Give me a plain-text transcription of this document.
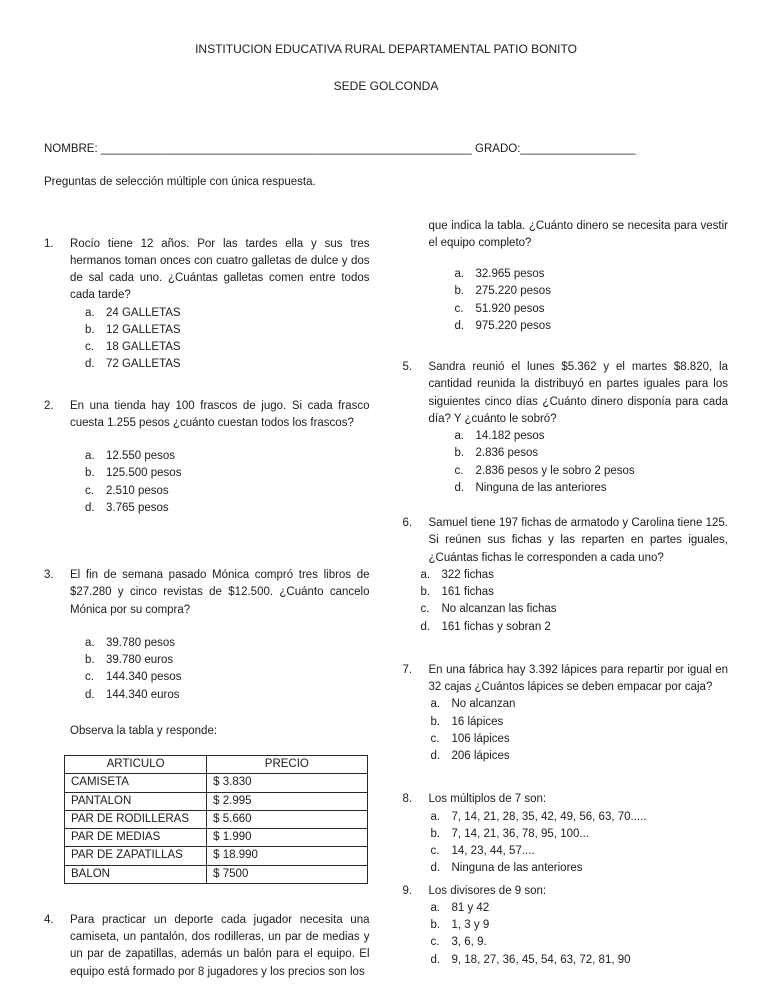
INSTITUCION EDUCATIVA RURAL DEPARTAMENTAL PATIO BONITO
SEDE GOLCONDA
NOMBRE: __________________________________________________________ GRADO:__________________
Preguntas de selección múltiple con única respuesta.
1.	Rocío tiene 12 años. Por las tardes ella y sus tres hermanos toman onces con cuatro galletas de dulce y dos de sal cada uno. ¿Cuántas galletas comen entre todos cada tarde?
a. 24 GALLETAS
b. 12 GALLETAS
c.	18 GALLETAS
d. 72 GALLETAS
2.	En una tienda hay 100 frascos de jugo. Si cada frasco cuesta 1.255 pesos ¿cuánto cuestan todos los frascos?
a. 12.550 pesos
b. 125.500 pesos
c.	2.510 pesos
d. 3.765 pesos
3.	El fin de semana pasado Mónica compró tres libros de $27.280 y cinco revistas de $12.500. ¿Cuánto cancelo Mónica por su compra?
a. 39.780 pesos
b. 39.780 euros
c.	144.340 pesos
d. 144.340 euros
Observa la tabla y responde:
ARTICULO	PRECIO
CAMISETA	$ 3.830
PANTALON	$ 2.995
PAR DE RODILLERAS	$ 5.660
PAR DE MEDIAS	$ 1.990
PAR DE ZAPATILLAS	$ 18.990
BALON	$ 7500
4.	Para practicar un deporte cada jugador necesita una camiseta, un pantalón, dos rodilleras, un par de medias y un par de zapatillas, además un balón para el equipo. El equipo está formado por 8 jugadores y los precios son los
que indica la tabla. ¿Cuánto dinero se necesita para vestir el equipo completo?
a. 32.965 pesos
b. 275.220 pesos
c.	51.920 pesos
d. 975.220 pesos
5.	Sandra reunió el lunes $5.362 y el martes $8.820, la cantidad reunida la distribuyó en partes iguales para los siguientes cinco días ¿Cuánto dinero disponía para cada día? Y ¿cuánto le sobró?
a. 14.182 pesos
b. 2.836 pesos
c.	2.836 pesos y le sobro 2 pesos
d. Ninguna de las anteriores
6.	Samuel tiene 197 fichas de armatodo y Carolina tiene 125. Si reúnen sus fichas y las reparten en partes iguales, ¿Cuántas fichas le corresponden a cada uno?
a. 322 fichas
b. 161 fichas
c.	No alcanzan las fichas
d. 161 fichas y sobran 2
7.	En una fábrica hay 3.392 lápices para repartir por igual en 32 cajas ¿Cuántos lápices se deben empacar por caja?
a. No alcanzan
b. 16 lápices
c.	106 lápices
d. 206 lápices
8.	Los múltiplos de 7 son:
a. 7, 14, 21, 28, 35, 42, 49, 56, 63, 70.....
b. 7, 14, 21, 36, 78, 95, 100...
c.	14, 23, 44, 57....
d. Ninguna de las anteriores
9.	Los divisores de 9 son:
a. 81 y 42
b. 1, 3 y 9
c.	3, 6, 9.
d. 9, 18, 27, 36, 45, 54, 63, 72, 81, 90
